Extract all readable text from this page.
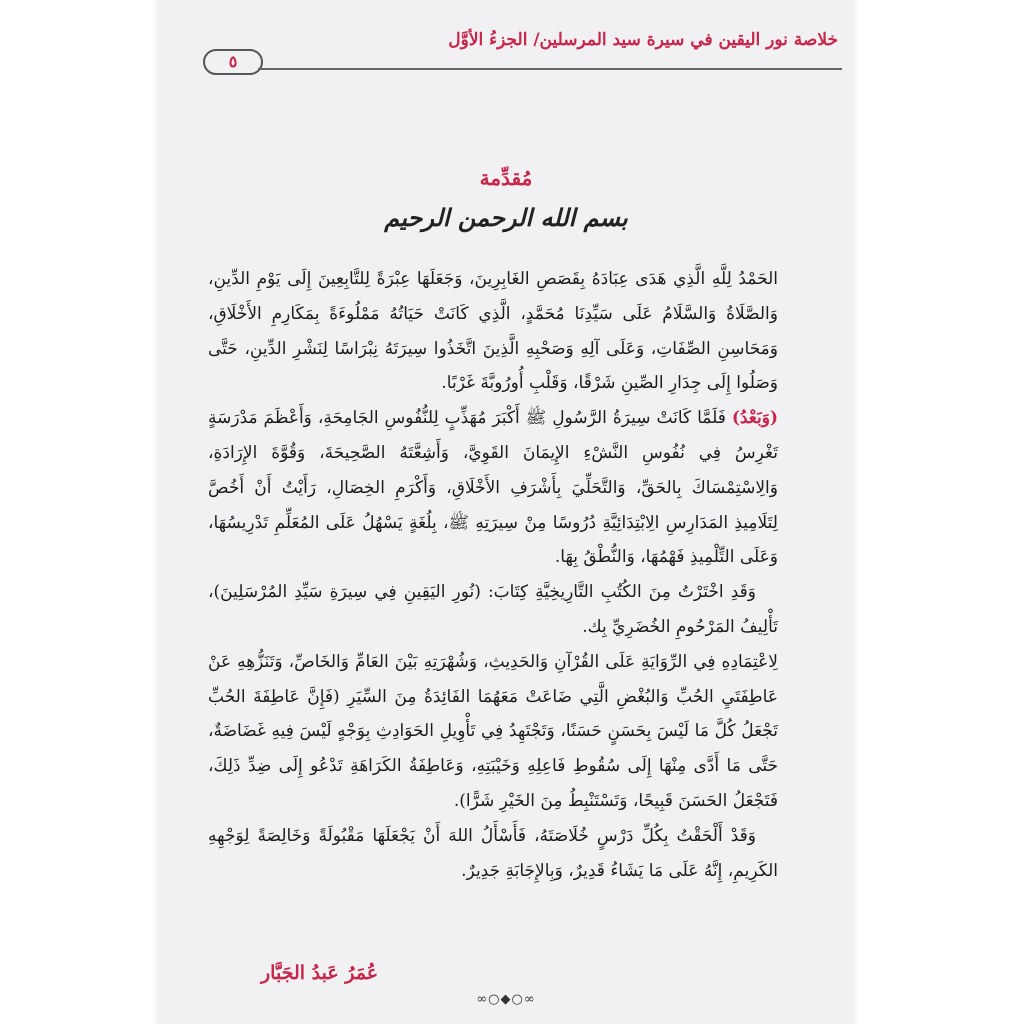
خلاصة نور اليقين في سيرة سيد المرسلين/ الجزءُ الأوَّل
٥
مُقدِّمة
بسم الله الرحمن الرحيم

الحَمْدُ لِلَّهِ الَّذِي هَدَى عِبَادَهُ بِقَصَصِ الغَابِرِينَ، وَجَعَلَهَا عِبْرَةً لِلتَّابِعِينَ إِلَى يَوْمِ الدِّينِ، وَالصَّلَاةُ وَالسَّلَامُ عَلَى سَيِّدِنَا مُحَمَّدٍ، الَّذِي كَانَتْ حَيَاتُهُ مَمْلُوءَةً بِمَكَارِمِ الأَخْلَاقِ، وَمَحَاسِنِ الصِّفَاتِ، وَعَلَى آلِهِ وَصَحْبِهِ الَّذِينَ اتَّخَذُوا سِيرَتَهُ نِبْرَاسًا لِنَشْرِ الدِّينِ، حَتَّى وَصَلُوا إِلَى جِدَارِ الصِّينِ شَرْقًا، وَقَلْبِ أُورُوبَّةَ غَرْبًا.

(وَبَعْدُ) فَلَمَّا كَانَتْ سِيرَةُ الرَّسُولِ ﷺ أَكْبَرَ مُهَذِّبٍ لِلنُّفُوسِ الجَامِحَةِ، وَأَعْظَمَ مَدْرَسَةٍ تَغْرِسُ فِي نُفُوسِ النَّشْءِ الإِيمَانَ القَوِيَّ، وَأَشِعَّتَهُ الصَّحِيحَةَ، وَقُوَّةَ الإِرَادَةِ، وَالِاسْتِمْسَاكَ بِالحَقِّ، وَالتَّحَلِّيَ بِأَشْرَفِ الأَخْلَاقِ، وَأَكْرَمِ الخِصَالِ، رَأَيْتُ أَنْ أَخُصَّ لِتَلَامِيذِ المَدَارِسِ الِابْتِدَائِيَّةِ دُرُوسًا مِنْ سِيرَتِهِ ﷺ، بِلُغَةٍ يَسْهُلُ عَلَى المُعَلِّمِ تَدْرِيسُهَا، وَعَلَى التِّلْمِيذِ فَهْمُهَا، وَالنُّطْقُ بِهَا.

وَقَدِ اخْتَرْتُ مِنَ الكُتُبِ التَّارِيخِيَّةِ كِتَابَ: (نُورِ اليَقِينِ فِي سِيرَةِ سَيِّدِ المُرْسَلِينَ)، تَأْلِيفُ المَرْحُومِ الخُضَرِيِّ بِك.

لِاعْتِمَادِهِ فِي الرِّوَايَةِ عَلَى القُرْآنِ وَالحَدِيثِ، وَشُهْرَتِهِ بَيْنَ العَامِّ وَالخَاصِّ، وَتَنَزُّهِهِ عَنْ عَاطِفَتَيِ الحُبِّ وَالبُغْضِ الَّتِي ضَاعَتْ مَعَهُمَا الفَائِدَةُ مِنَ السِّيَرِ (فَإِنَّ عَاطِفَةَ الحُبِّ تَجْعَلُ كُلَّ مَا لَيْسَ بِحَسَنٍ حَسَنًا، وَتَجْتَهِدُ فِي تَأْوِيلِ الحَوَادِثِ بِوَجْهٍ لَيْسَ فِيهِ غَضَاضَةٌ، حَتَّى مَا أَدَّى مِنْهَا إِلَى سُقُوطِ فَاعِلِهِ وَخَيْبَتِهِ، وَعَاطِفَةُ الكَرَاهَةِ تَدْعُو إِلَى ضِدِّ ذَلِكَ، فَتَجْعَلُ الحَسَنَ قَبِيحًا، وَتَسْتَنْبِطُ مِنَ الخَيْرِ شَرًّا).

وَقَدْ أَلْحَقْتُ بِكُلِّ دَرْسٍ خُلَاصَتَهُ، فَأَسْأَلُ اللهَ أَنْ يَجْعَلَهَا مَقْبُولَةً وَخَالِصَةً لِوَجْهِهِ الكَرِيمِ، إِنَّهُ عَلَى مَا يَشَاءُ قَدِيرٌ، وَبِالإِجَابَةِ جَدِيرٌ.

عُمَرُ عَبدُ الجَبَّار
∞○◆○∞
